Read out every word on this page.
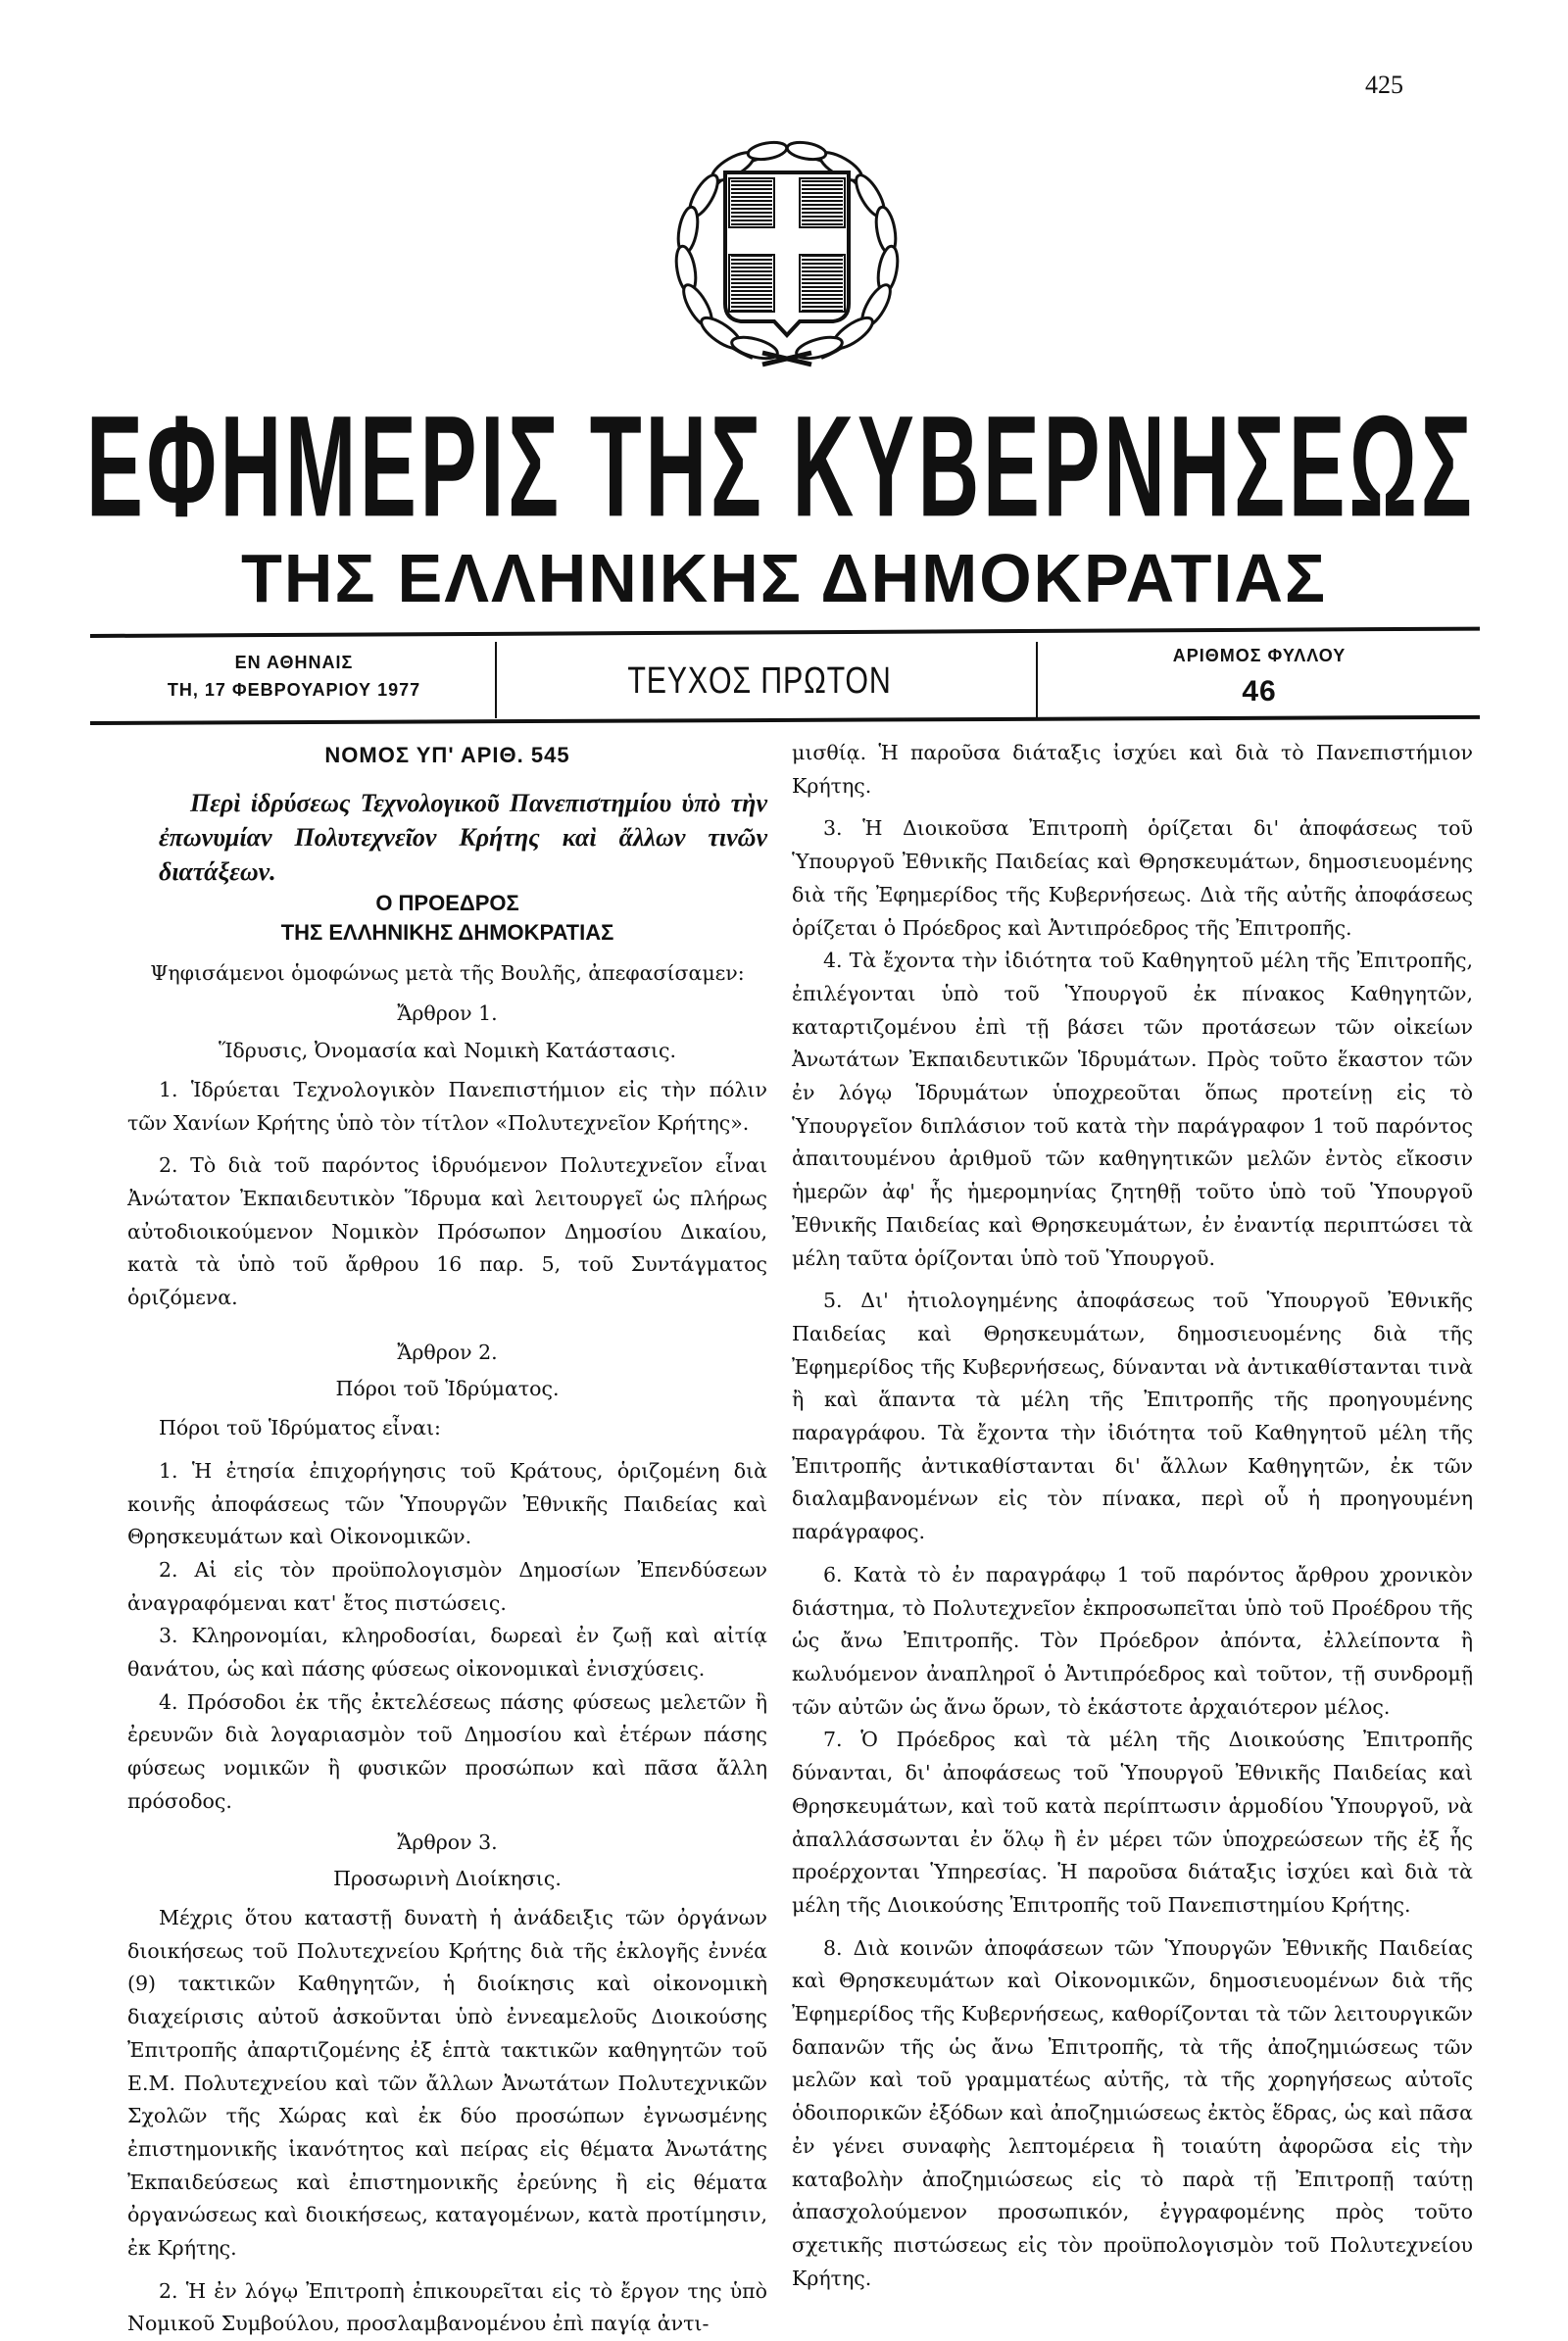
425
ΕΦΗΜΕΡΙΣ ΤΗΣ ΚΥΒΕΡΝΗΣΕΩΣ
ΤΗΣ ΕΛΛΗΝΙΚΗΣ ΔΗΜΟΚΡΑΤΙΑΣ
ΕΝ ΑΘΗΝΑΙΣ
ΤΗ, 17 ΦΕΒΡΟΥΑΡΙΟΥ 1977	ΤΕΥΧΟΣ ΠΡΩΤΟΝ
ΑΡΙΘΜΟΣ ΦΥΛΛΟΥ
46
ΝΟΜΟΣ ΥΠ' ΑΡΙΘ. 545

Περὶ ἱδρύσεως Τεχνολογικοῦ Πανεπιστημίου ὑπὸ τὴν ἐπωνυμίαν Πολυτεχνεῖον Κρήτης καὶ ἄλλων τινῶν διατάξεων.

Ο ΠΡΟΕΔΡΟΣ
ΤΗΣ ΕΛΛΗΝΙΚΗΣ ΔΗΜΟΚΡΑΤΙΑΣ

Ψηφισάμενοι ὁμοφώνως μετὰ τῆς Βουλῆς, ἀπεφασίσαμεν:

Ἄρθρον 1.
Ἵδρυσις, Ὀνομασία καὶ Νομικὴ Κατάστασις.

1. Ἱδρύεται Τεχνολογικὸν Πανεπιστήμιον εἰς τὴν πόλιν τῶν Χανίων Κρήτης ὑπὸ τὸν τίτλον «Πολυτεχνεῖον Κρήτης».

2. Τὸ διὰ τοῦ παρόντος ἱδρυόμενον Πολυτεχνεῖον εἶναι Ἀνώτατον Ἐκπαιδευτικὸν Ἵδρυμα καὶ λειτουργεῖ ὡς πλήρως αὐτοδιοικούμενον Νομικὸν Πρόσωπον Δημοσίου Δικαίου, κατὰ τὰ ὑπὸ τοῦ ἄρθρου 16 παρ. 5, τοῦ Συντάγματος ὁριζόμενα.

Ἄρθρον 2.
Πόροι τοῦ Ἱδρύματος.

Πόροι τοῦ Ἱδρύματος εἶναι:

1. Ἡ ἐτησία ἐπιχορήγησις τοῦ Κράτους, ὁριζομένη διὰ κοινῆς ἀποφάσεως τῶν Ὑπουργῶν Ἐθνικῆς Παιδείας καὶ Θρησκευμάτων καὶ Οἰκονομικῶν.

2. Αἱ εἰς τὸν προϋπολογισμὸν Δημοσίων Ἐπενδύσεων ἀναγραφόμεναι κατ' ἔτος πιστώσεις.

3. Κληρονομίαι, κληροδοσίαι, δωρεαὶ ἐν ζωῇ καὶ αἰτίᾳ θανάτου, ὡς καὶ πάσης φύσεως οἰκονομικαὶ ἐνισχύσεις.

4. Πρόσοδοι ἐκ τῆς ἐκτελέσεως πάσης φύσεως μελετῶν ἢ ἐρευνῶν διὰ λογαριασμὸν τοῦ Δημοσίου καὶ ἑτέρων πάσης φύσεως νομικῶν ἢ φυσικῶν προσώπων καὶ πᾶσα ἄλλη πρόσοδος.

Ἄρθρον 3.
Προσωρινὴ Διοίκησις.

Μέχρις ὅτου καταστῇ δυνατὴ ἡ ἀνάδειξις τῶν ὀργάνων διοικήσεως τοῦ Πολυτεχνείου Κρήτης διὰ τῆς ἐκλογῆς ἐννέα (9) τακτικῶν Καθηγητῶν, ἡ διοίκησις καὶ οἰκονομικὴ διαχείρισις αὐτοῦ ἀσκοῦνται ὑπὸ ἐννεαμελοῦς Διοικούσης Ἐπιτροπῆς ἀπαρτιζομένης ἐξ ἑπτὰ τακτικῶν καθηγητῶν τοῦ Ε.Μ. Πολυτεχνείου καὶ τῶν ἄλλων Ἀνωτάτων Πολυτεχνικῶν Σχολῶν τῆς Χώρας καὶ ἐκ δύο προσώπων ἐγνωσμένης ἐπιστημονικῆς ἱκανότητος καὶ πείρας εἰς θέματα Ἀνωτάτης Ἐκπαιδεύσεως καὶ ἐπιστημονικῆς ἐρεύνης ἢ εἰς θέματα ὀργανώσεως καὶ διοικήσεως, καταγομένων, κατὰ προτίμησιν, ἐκ Κρήτης.

2. Ἡ ἐν λόγῳ Ἐπιτροπὴ ἐπικουρεῖται εἰς τὸ ἔργον της ὑπὸ Νομικοῦ Συμβούλου, προσλαμβανομένου ἐπὶ παγίᾳ ἀντι-

μισθίᾳ. Ἡ παροῦσα διάταξις ἰσχύει καὶ διὰ τὸ Πανεπιστήμιον Κρήτης.

3. Ἡ Διοικοῦσα Ἐπιτροπὴ ὁρίζεται δι' ἀποφάσεως τοῦ Ὑπουργοῦ Ἐθνικῆς Παιδείας καὶ Θρησκευμάτων, δημοσιευομένης διὰ τῆς Ἐφημερίδος τῆς Κυβερνήσεως. Διὰ τῆς αὐτῆς ἀποφάσεως ὁρίζεται ὁ Πρόεδρος καὶ Ἀντιπρόεδρος τῆς Ἐπιτροπῆς.

4. Τὰ ἔχοντα τὴν ἰδιότητα τοῦ Καθηγητοῦ μέλη τῆς Ἐπιτροπῆς, ἐπιλέγονται ὑπὸ τοῦ Ὑπουργοῦ ἐκ πίνακος Καθηγητῶν, καταρτιζομένου ἐπὶ τῇ βάσει τῶν προτάσεων τῶν οἰκείων Ἀνωτάτων Ἐκπαιδευτικῶν Ἱδρυμάτων. Πρὸς τοῦτο ἕκαστον τῶν ἐν λόγῳ Ἱδρυμάτων ὑποχρεοῦται ὅπως προτείνῃ εἰς τὸ Ὑπουργεῖον διπλάσιον τοῦ κατὰ τὴν παράγραφον 1 τοῦ παρόντος ἀπαιτουμένου ἀριθμοῦ τῶν καθηγητικῶν μελῶν ἐντὸς εἴκοσιν ἡμερῶν ἀφ' ἧς ἡμερομηνίας ζητηθῇ τοῦτο ὑπὸ τοῦ Ὑπουργοῦ Ἐθνικῆς Παιδείας καὶ Θρησκευμάτων, ἐν ἐναντίᾳ περιπτώσει τὰ μέλη ταῦτα ὁρίζονται ὑπὸ τοῦ Ὑπουργοῦ.

5. Δι' ἠτιολογημένης ἀποφάσεως τοῦ Ὑπουργοῦ Ἐθνικῆς Παιδείας καὶ Θρησκευμάτων, δημοσιευομένης διὰ τῆς Ἐφημερίδος τῆς Κυβερνήσεως, δύνανται νὰ ἀντικαθίστανται τινὰ ἢ καὶ ἅπαντα τὰ μέλη τῆς Ἐπιτροπῆς τῆς προηγουμένης παραγράφου. Τὰ ἔχοντα τὴν ἰδιότητα τοῦ Καθηγητοῦ μέλη τῆς Ἐπιτροπῆς ἀντικαθίστανται δι' ἄλλων Καθηγητῶν, ἐκ τῶν διαλαμβανομένων εἰς τὸν πίνακα, περὶ οὗ ἡ προηγουμένη παράγραφος.

6. Κατὰ τὸ ἐν παραγράφῳ 1 τοῦ παρόντος ἄρθρου χρονικὸν διάστημα, τὸ Πολυτεχνεῖον ἐκπροσωπεῖται ὑπὸ τοῦ Προέδρου τῆς ὡς ἄνω Ἐπιτροπῆς. Τὸν Πρόεδρον ἀπόντα, ἐλλείποντα ἢ κωλυόμενον ἀναπληροῖ ὁ Ἀντιπρόεδρος καὶ τοῦτον, τῇ συνδρομῇ τῶν αὐτῶν ὡς ἄνω ὅρων, τὸ ἑκάστοτε ἀρχαιότερον μέλος.

7. Ὁ Πρόεδρος καὶ τὰ μέλη τῆς Διοικούσης Ἐπιτροπῆς δύνανται, δι' ἀποφάσεως τοῦ Ὑπουργοῦ Ἐθνικῆς Παιδείας καὶ Θρησκευμάτων, καὶ τοῦ κατὰ περίπτωσιν ἁρμοδίου Ὑπουργοῦ, νὰ ἀπαλλάσσωνται ἐν ὅλῳ ἢ ἐν μέρει τῶν ὑποχρεώσεων τῆς ἐξ ἧς προέρχονται Ὑπηρεσίας. Ἡ παροῦσα διάταξις ἰσχύει καὶ διὰ τὰ μέλη τῆς Διοικούσης Ἐπιτροπῆς τοῦ Πανεπιστημίου Κρήτης.

8. Διὰ κοινῶν ἀποφάσεων τῶν Ὑπουργῶν Ἐθνικῆς Παιδείας καὶ Θρησκευμάτων καὶ Οἰκονομικῶν, δημοσιευομένων διὰ τῆς Ἐφημερίδος τῆς Κυβερνήσεως, καθορίζονται τὰ τῶν λειτουργικῶν δαπανῶν τῆς ὡς ἄνω Ἐπιτροπῆς, τὰ τῆς ἀποζημιώσεως τῶν μελῶν καὶ τοῦ γραμματέως αὐτῆς, τὰ τῆς χορηγήσεως αὐτοῖς ὁδοιπορικῶν ἐξόδων καὶ ἀποζημιώσεως ἐκτὸς ἕδρας, ὡς καὶ πᾶσα ἐν γένει συναφὴς λεπτομέρεια ἢ τοιαύτη ἀφορῶσα εἰς τὴν καταβολὴν ἀποζημιώσεως εἰς τὸ παρὰ τῇ Ἐπιτροπῇ ταύτῃ ἀπασχολούμενον προσωπικόν, ἐγγραφομένης πρὸς τοῦτο σχετικῆς πιστώσεως εἰς τὸν προϋπολογισμὸν τοῦ Πολυτεχνείου Κρήτης.
